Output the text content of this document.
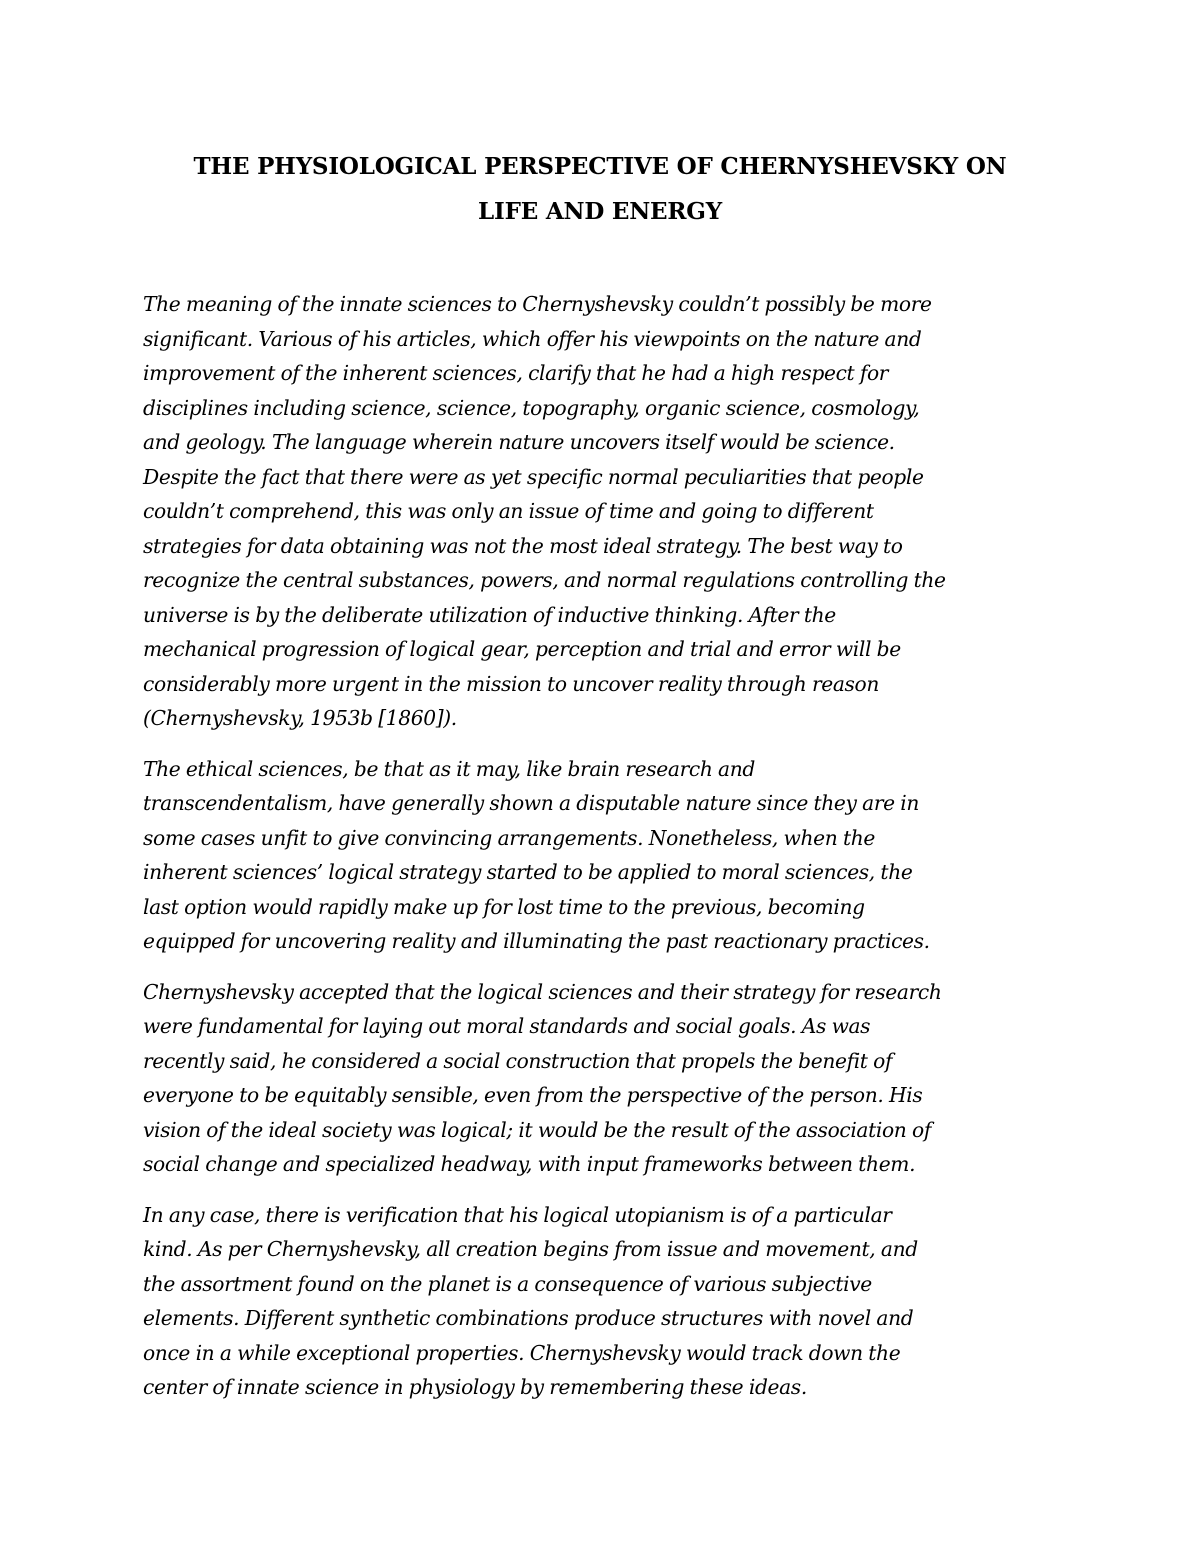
THE PHYSIOLOGICAL PERSPECTIVE OF CHERNYSHEVSKY ON
LIFE AND ENERGY

The meaning of the innate sciences to Chernyshevsky couldn’t possibly be more
significant. Various of his articles, which offer his viewpoints on the nature and
improvement of the inherent sciences, clarify that he had a high respect for
disciplines including science, science, topography, organic science, cosmology,
and geology. The language wherein nature uncovers itself would be science.
Despite the fact that there were as yet specific normal peculiarities that people
couldn’t comprehend, this was only an issue of time and going to different
strategies for data obtaining was not the most ideal strategy. The best way to
recognize the central substances, powers, and normal regulations controlling the
universe is by the deliberate utilization of inductive thinking. After the
mechanical progression of logical gear, perception and trial and error will be
considerably more urgent in the mission to uncover reality through reason
(Chernyshevsky, 1953b [1860]).

The ethical sciences, be that as it may, like brain research and
transcendentalism, have generally shown a disputable nature since they are in
some cases unfit to give convincing arrangements. Nonetheless, when the
inherent sciences’ logical strategy started to be applied to moral sciences, the
last option would rapidly make up for lost time to the previous, becoming
equipped for uncovering reality and illuminating the past reactionary practices.

Chernyshevsky accepted that the logical sciences and their strategy for research
were fundamental for laying out moral standards and social goals. As was
recently said, he considered a social construction that propels the benefit of
everyone to be equitably sensible, even from the perspective of the person. His
vision of the ideal society was logical; it would be the result of the association of
social change and specialized headway, with input frameworks between them.

In any case, there is verification that his logical utopianism is of a particular
kind. As per Chernyshevsky, all creation begins from issue and movement, and
the assortment found on the planet is a consequence of various subjective
elements. Different synthetic combinations produce structures with novel and
once in a while exceptional properties. Chernyshevsky would track down the
center of innate science in physiology by remembering these ideas.
